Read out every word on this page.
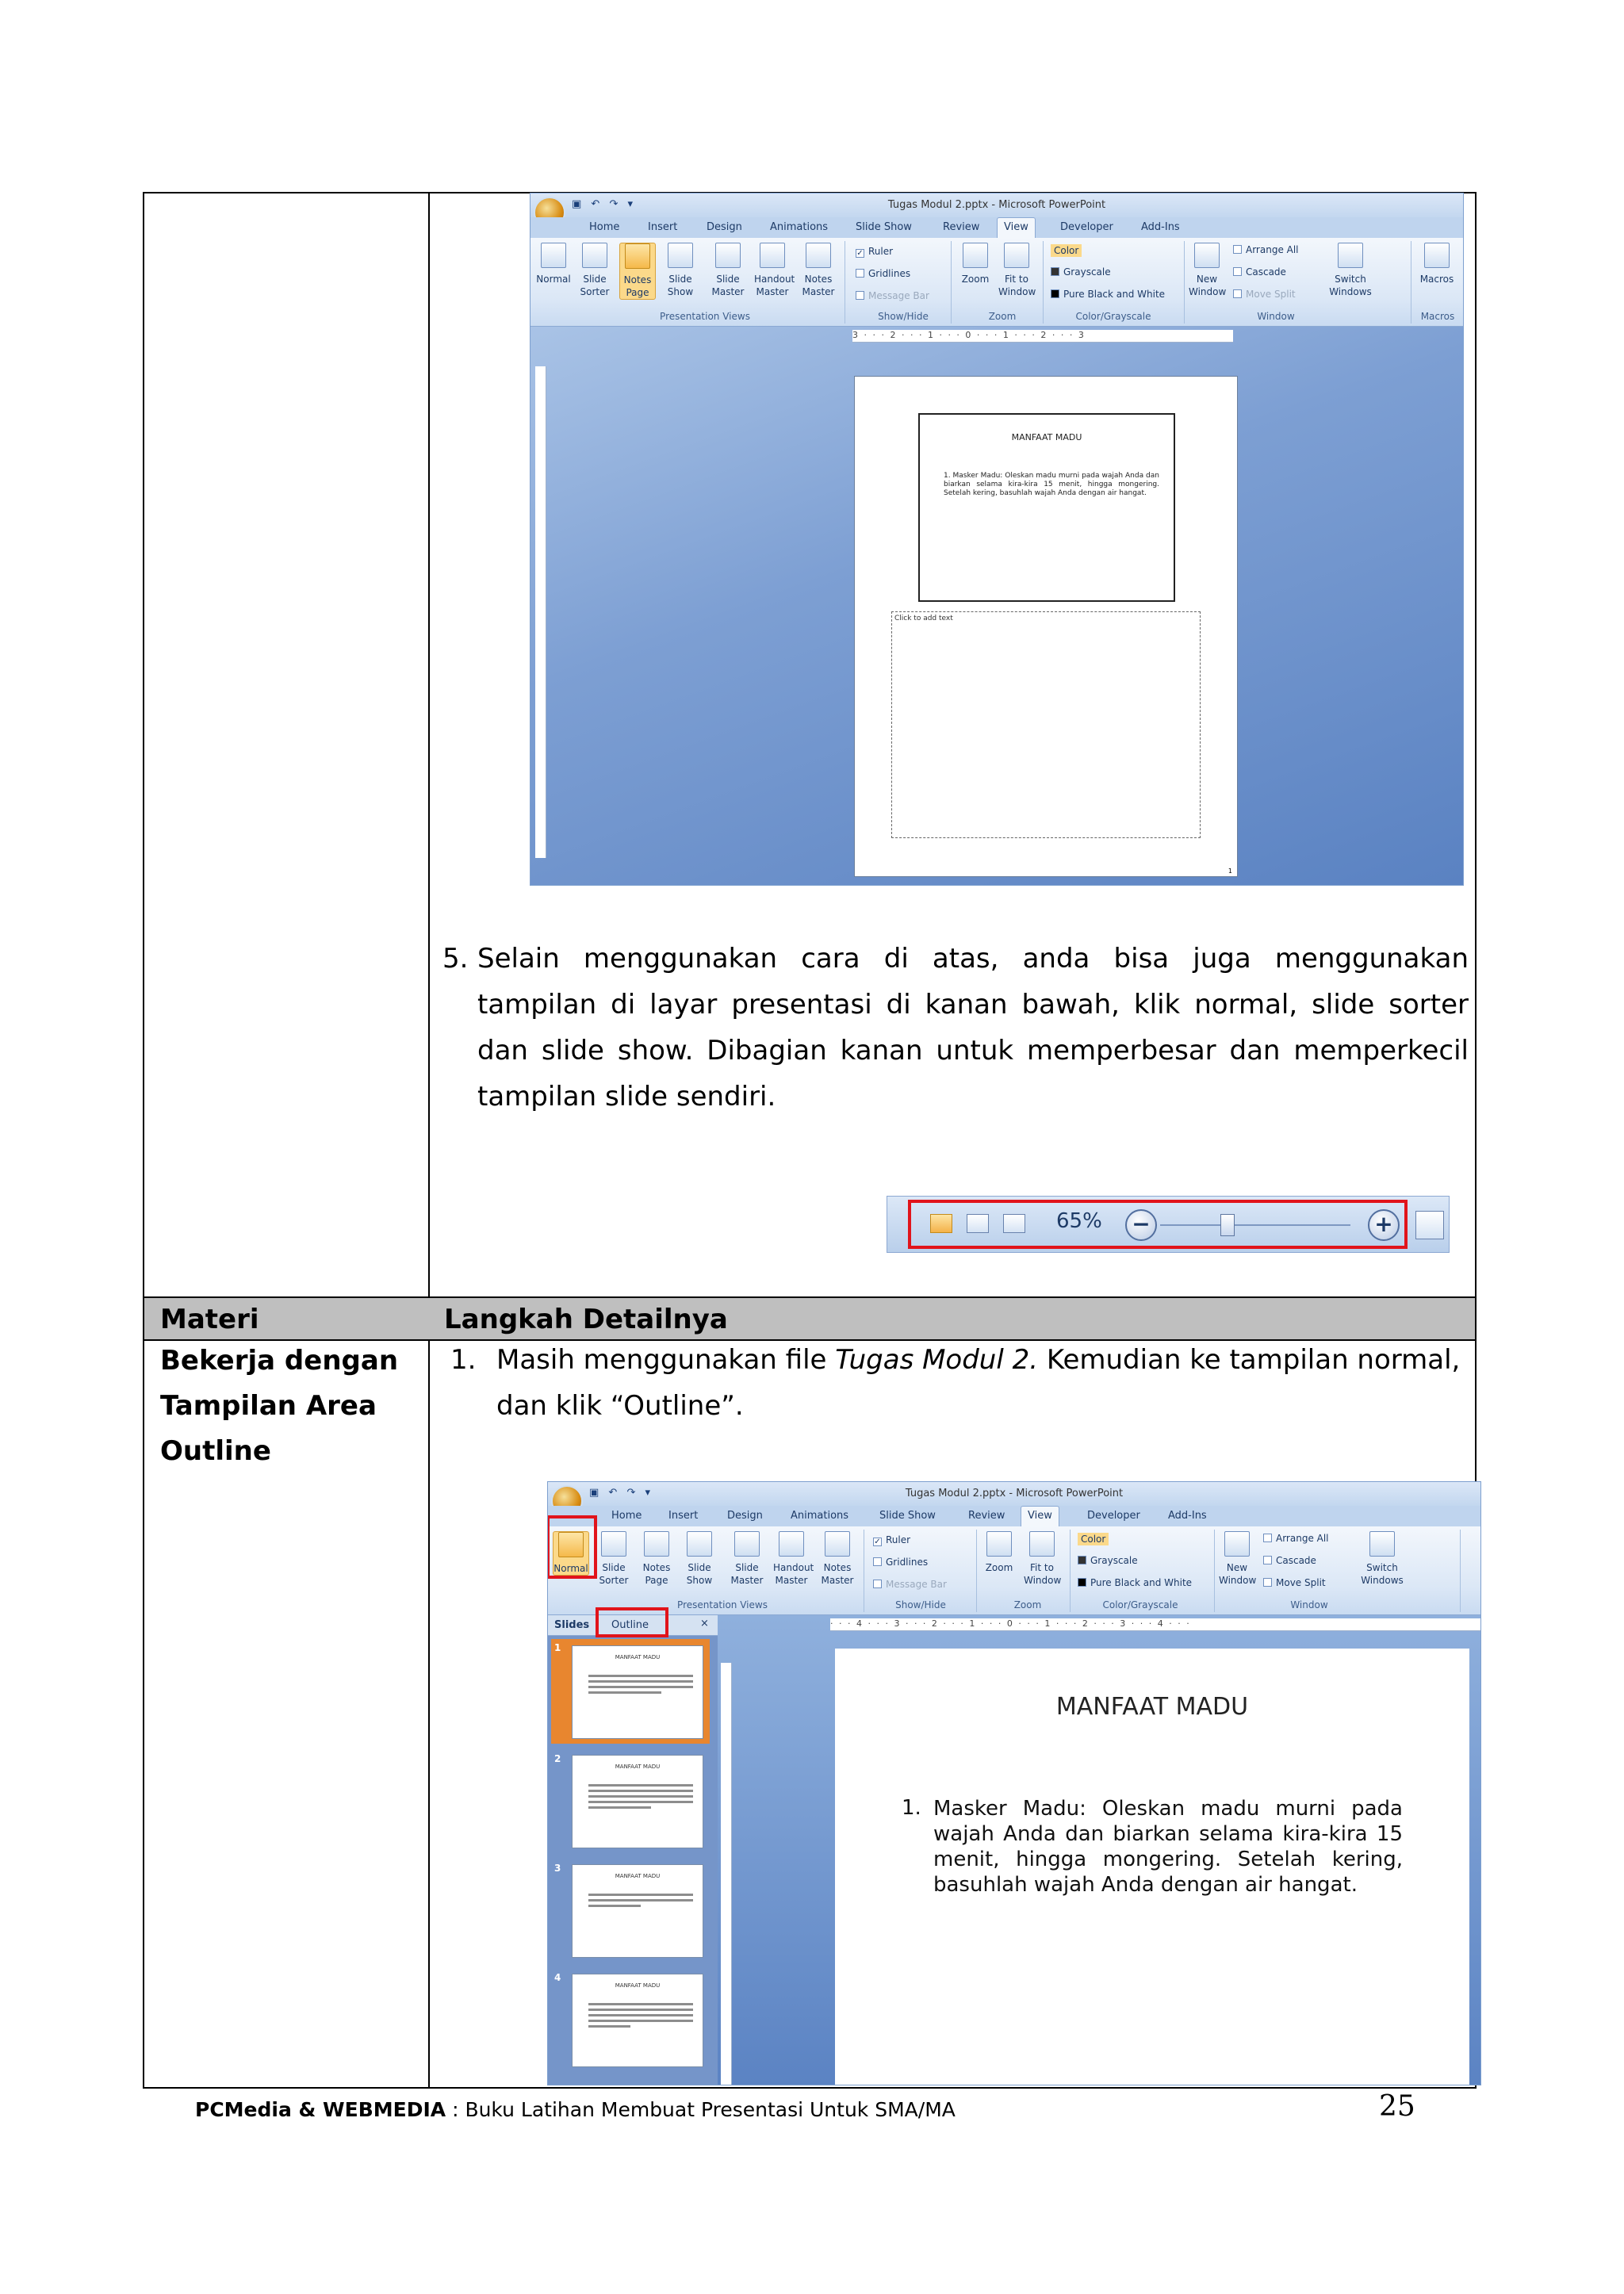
Materi	Langkah Detailnya
Bekerja dengan
Tampilan Area
Outline
Tugas Modul 2.pptx - Microsoft PowerPoint
▣ ↶ ↷ ▾
Home	Insert	Design	Animations	Slide Show	Review	View	Developer	Add-Ins
Normal	Slide Sorter
Notes Page
Slide Show
Slide Master
Handout Master
Notes Master
Presentation Views
✓ Ruler
Gridlines
Message Bar
Show/Hide
Zoom	Fit to Window
Zoom
Color
Grayscale
Pure Black and White
Color/Grayscale
New Window
Arrange All
Cascade
Move Split
Switch Windows
Window
Macros
Macros
3 · · · 2 · · · 1 · · · 0 · · · 1 · · · 2 · · · 3
MANFAAT MADU
1. Masker Madu: Oleskan madu murni pada wajah Anda dan biarkan selama kira-kira 15 menit, hingga mongering. Setelah kering, basuhlah wajah Anda dengan air hangat.
Click to add text
1
5. Selain menggunakan cara di atas, anda bisa juga menggunakan tampilan di layar presentasi di kanan bawah, klik normal, slide sorter dan slide show. Dibagian kanan untuk memperbesar dan memperkecil tampilan slide sendiri.
65% −	+
1. Masih menggunakan file Tugas Modul 2. Kemudian ke tampilan normal, dan klik “Outline”.
Tugas Modul 2.pptx - Microsoft PowerPoint
▣ ↶ ↷ ▾
Home	Insert	Design	Animations	Slide Show	Review	View	Developer	Add-Ins
Normal	Slide Sorter
Notes Page
Slide Show
Slide Master
Handout Master
Notes Master
Presentation Views
✓ Ruler
Gridlines
Message Bar
Show/Hide
Zoom	Fit to Window
Zoom
Color
Grayscale
Pure Black and White
Color/Grayscale
New Window
Arrange All
Cascade
Move Split
Switch Windows
Window
Slides Outline	×
1
MANFAAT MADU
2
MANFAAT MADU
3
MANFAAT MADU
4
MANFAAT MADU
· · · 4 · · · 3 · · · 2 · · · 1 · · · 0 · · · 1 · · · 2 · · · 3 · · · 4 · · ·
MANFAAT MADU
1. Masker Madu: Oleskan madu murni pada wajah Anda dan biarkan selama kira-kira 15 menit, hingga mongering. Setelah kering, basuhlah wajah Anda dengan air hangat.
PCMedia & WEBMEDIA : Buku Latihan Membuat Presentasi Untuk SMA/MA	25
